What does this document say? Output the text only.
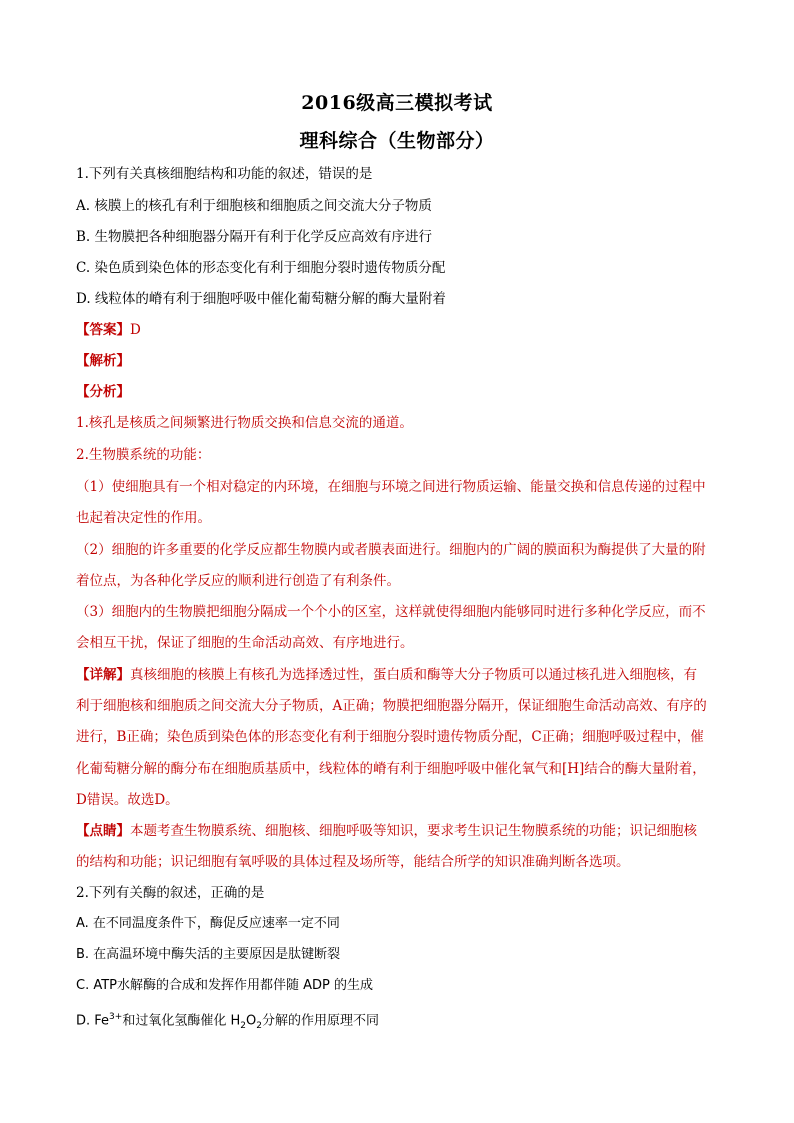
2016级高三模拟考试
理科综合（生物部分）
1.下列有关真核细胞结构和功能的叙述，错误的是
A. 核膜上的核孔有利于细胞核和细胞质之间交流大分子物质
B. 生物膜把各种细胞器分隔开有利于化学反应高效有序进行
C. 染色质到染色体的形态变化有利于细胞分裂时遗传物质分配
D. 线粒体的嵴有利于细胞呼吸中催化葡萄糖分解的酶大量附着
【答案】D
【解析】
【分析】
1.核孔是核质之间频繁进行物质交换和信息交流的通道。
2.生物膜系统的功能：
（1）使细胞具有一个相对稳定的内环境，在细胞与环境之间进行物质运输、能量交换和信息传递的过程中
也起着决定性的作用。
（2）细胞的许多重要的化学反应都生物膜内或者膜表面进行。细胞内的广阔的膜面积为酶提供了大量的附
着位点，为各种化学反应的顺利进行创造了有利条件。
（3）细胞内的生物膜把细胞分隔成一个个小的区室，这样就使得细胞内能够同时进行多种化学反应，而不
会相互干扰，保证了细胞的生命活动高效、有序地进行。
【详解】真核细胞的核膜上有核孔为选择透过性，蛋白质和酶等大分子物质可以通过核孔进入细胞核，有
利于细胞核和细胞质之间交流大分子物质，A正确；物膜把细胞器分隔开，保证细胞生命活动高效、有序的
进行，B正确；染色质到染色体的形态变化有利于细胞分裂时遗传物质分配，C正确；细胞呼吸过程中，催
化葡萄糖分解的酶分布在细胞质基质中，线粒体的嵴有利于细胞呼吸中催化氧气和[H]结合的酶大量附着，
D错误。故选D。
【点睛】本题考查生物膜系统、细胞核、细胞呼吸等知识，要求考生识记生物膜系统的功能；识记细胞核
的结构和功能；识记细胞有氧呼吸的具体过程及场所等，能结合所学的知识准确判断各选项。
2.下列有关酶的叙述，正确的是
A. 在不同温度条件下，酶促反应速率一定不同
B. 在高温环境中酶失活的主要原因是肽键断裂
C. ATP水解酶的合成和发挥作用都伴随 ADP 的生成
D. $Fe^{3+}$和过氧化氢酶催化 $H_2O_2$分解的作用原理不同
